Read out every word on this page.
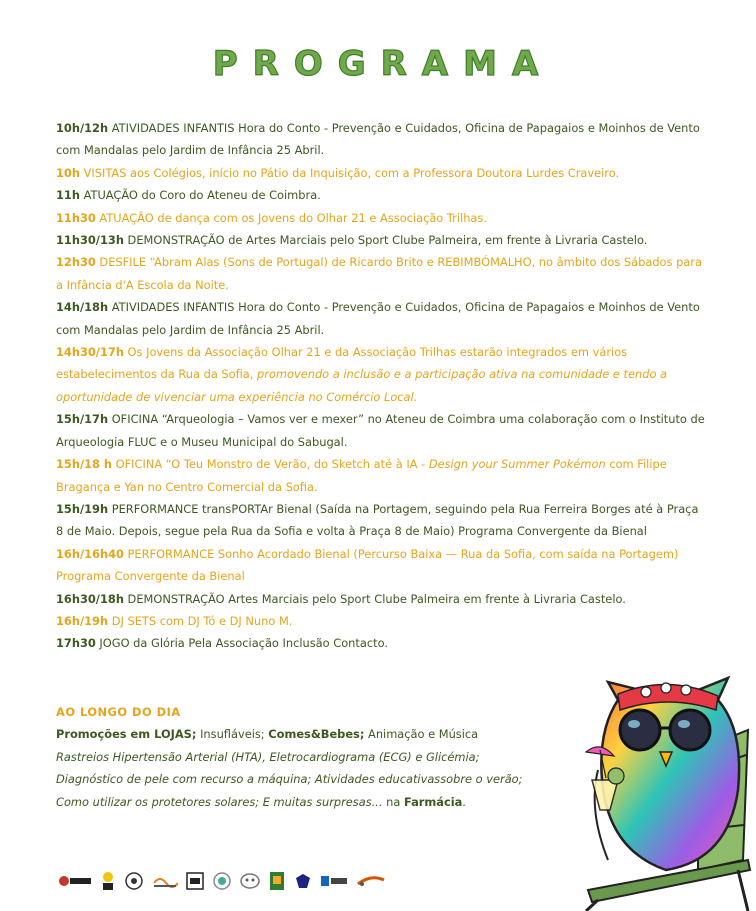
PROGRAMA

10h/12h ATIVIDADES INFANTIS Hora do Conto - Prevenção e Cuidados, Oficina de Papagaios e Moinhos de Vento com Mandalas pelo Jardim de Infância 25 Abril.

10h VISITAS aos Colégios, início no Pátio da Inquisição, com a Professora Doutora Lurdes Craveiro.

11h ATUAÇÃO do Coro do Ateneu de Coimbra.

11h30 ATUAÇÃO de dança com os Jovens do Olhar 21 e Associação Trilhas.

11h30/13h DEMONSTRAÇÃO de Artes Marciais pelo Sport Clube Palmeira, em frente à Livraria Castelo.

12h30 DESFILE “Abram Alas (Sons de Portugal) de Ricardo Brito e REBIMBÓMALHO, no âmbito dos Sábados para a Infância d'A Escola da Noite.

14h/18h ATIVIDADES INFANTIS Hora do Conto - Prevenção e Cuidados, Oficina de Papagaios e Moinhos de Vento com Mandalas pelo Jardim de Infância 25 Abril.

14h30/17h Os Jovens da Associação Olhar 21 e da Associação Trilhas estarão integrados em vários estabelecimentos da Rua da Sofia, promovendo a inclusão e a participação ativa na comunidade e tendo a oportunidade de vivenciar uma experiência no Comércio Local.

15h/17h OFICINA “Arqueologia – Vamos ver e mexer” no Ateneu de Coimbra uma colaboração com o Instituto de Arqueologia FLUC e o Museu Municipal do Sabugal.

15h/18 h OFICINA “O Teu Monstro de Verão, do Sketch até à IA - Design your Summer Pokémon com Filipe Bragança e Yan no Centro Comercial da Sofia.

15h/19h PERFORMANCE transPORTAr Bienal (Saída na Portagem, seguindo pela Rua Ferreira Borges até à Praça 8 de Maio. Depois, segue pela Rua da Sofia e volta à Praça 8 de Maio) Programa Convergente da Bienal

16h/16h40 PERFORMANCE Sonho Acordado Bienal (Percurso Baixa — Rua da Sofia, com saída na Portagem) Programa Convergente da Bienal

16h30/18h DEMONSTRAÇÃO Artes Marciais pelo Sport Clube Palmeira em frente à Livraria Castelo.

16h/19h DJ SETS com DJ Tó e DJ Nuno M.

17h30 JOGO da Glória Pela Associação Inclusão Contacto.

AO LONGO DO DIA
Promoções em LOJAS; Insufláveis; Comes&Bebes; Animação e Música
Rastreios Hipertensão Arterial (HTA), Eletrocardiograma (ECG) e Glicémia;
Diagnóstico de pele com recurso a máquina; Atividades educativassobre o verão;
Como utilizar os protetores solares; E muitas surpresas... na Farmácia.
